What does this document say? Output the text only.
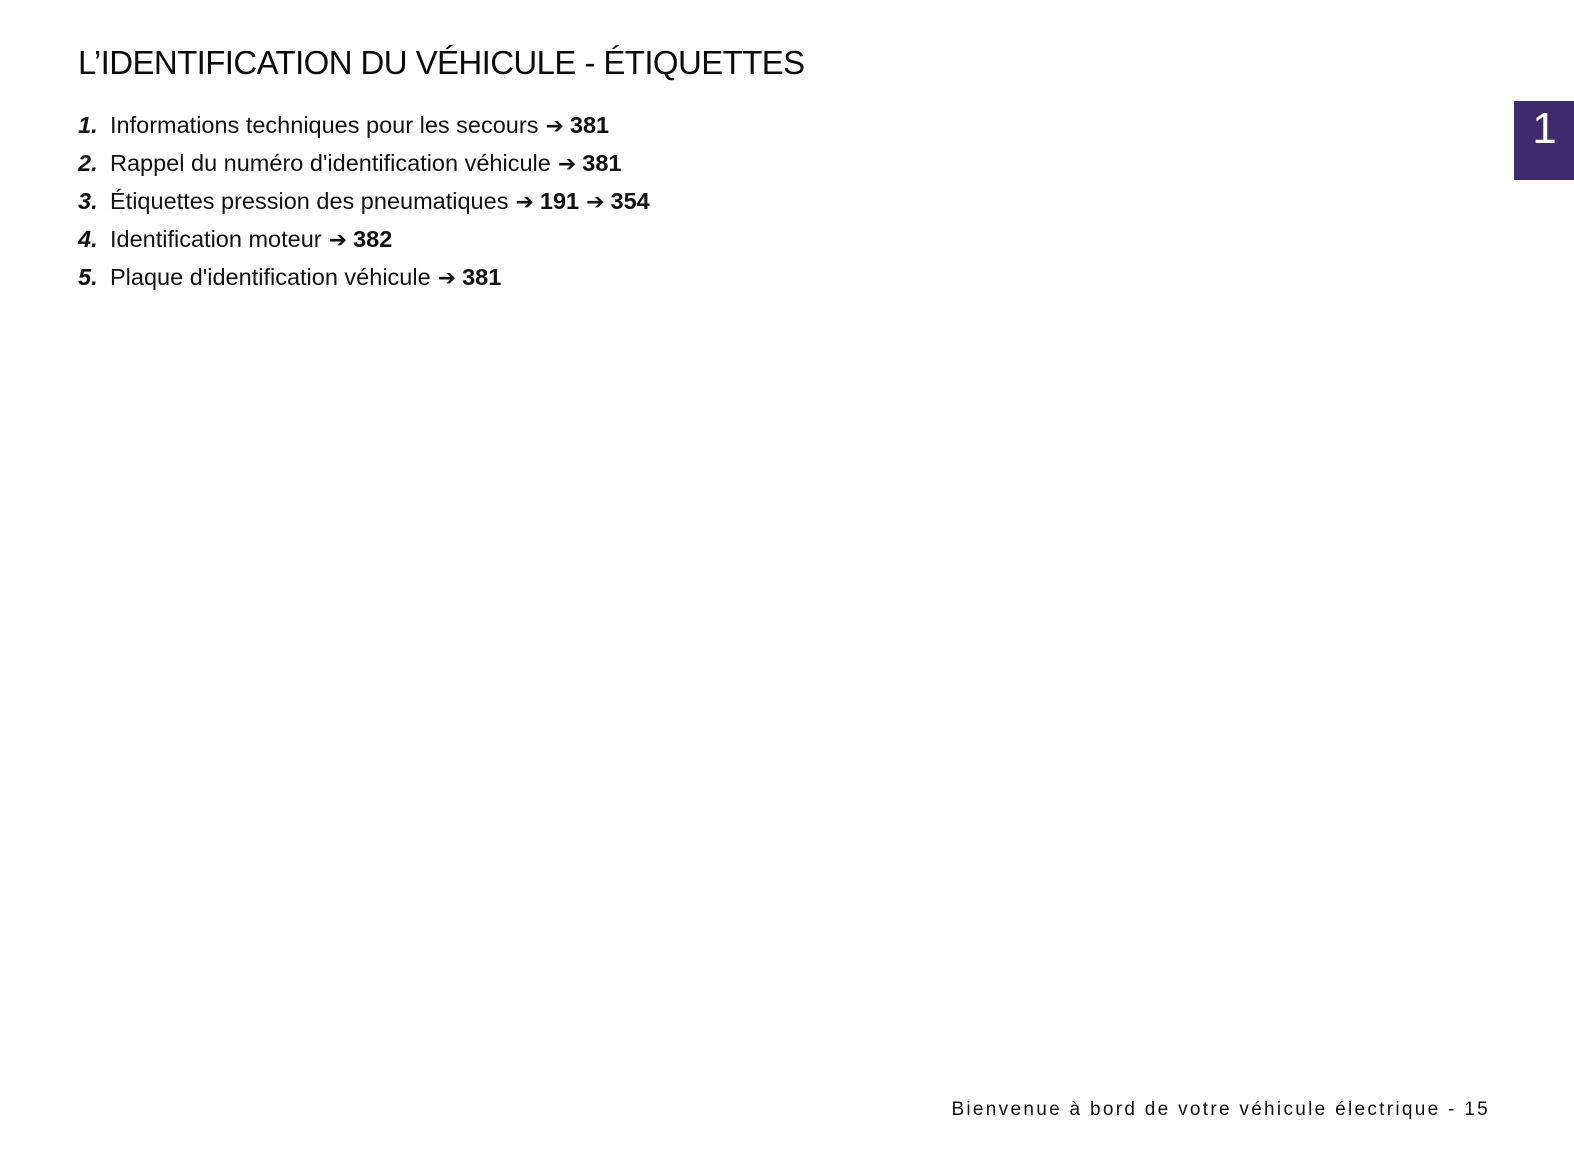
L’IDENTIFICATION DU VÉHICULE - ÉTIQUETTES
1. Informations techniques pour les secours ➔ 381
2. Rappel du numéro d'identification véhicule ➔ 381
3. Étiquettes pression des pneumatiques ➔ 191 ➔ 354
4. Identification moteur ➔ 382
5. Plaque d'identification véhicule ➔ 381
1
Bienvenue à bord de votre véhicule électrique - 15
